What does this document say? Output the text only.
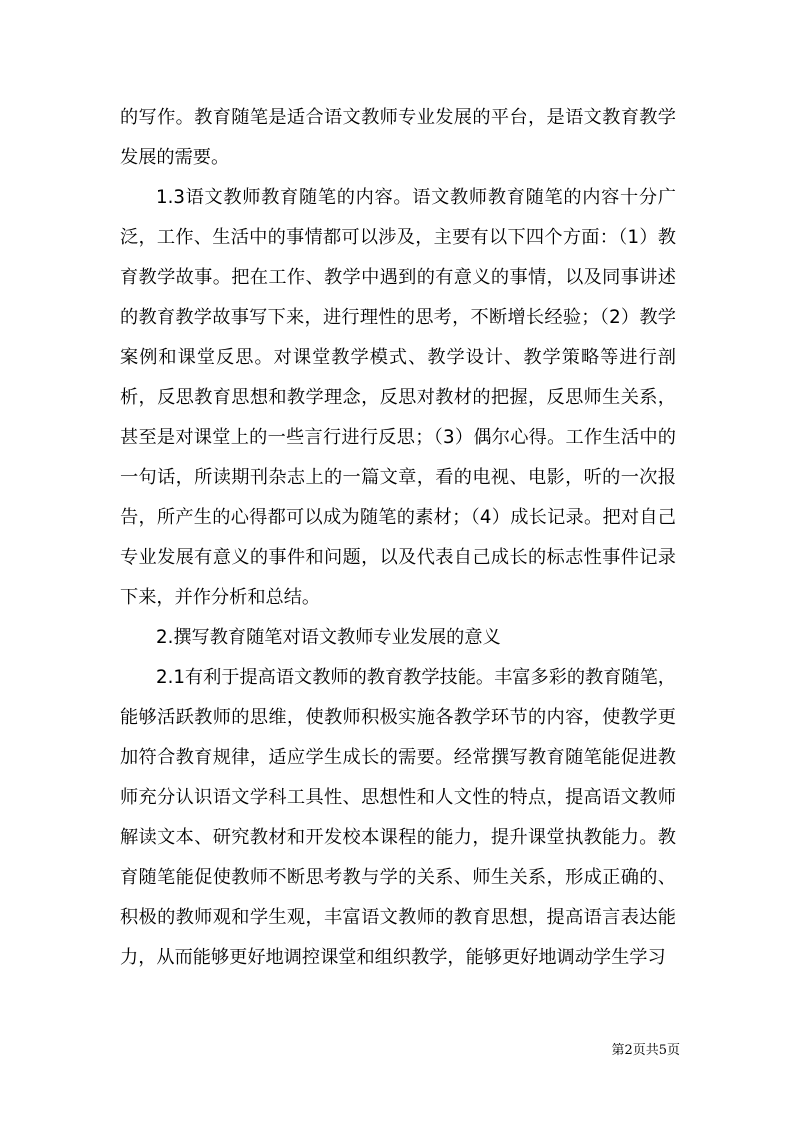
的写作。教育随笔是适合语文教师专业发展的平台，是语文教育教学发展的需要。

1.3语文教师教育随笔的内容。语文教师教育随笔的内容十分广泛，工作、生活中的事情都可以涉及，主要有以下四个方面：（1）教育教学故事。把在工作、教学中遇到的有意义的事情，以及同事讲述的教育教学故事写下来，进行理性的思考，不断增长经验；（2）教学案例和课堂反思。对课堂教学模式、教学设计、教学策略等进行剖析，反思教育思想和教学理念，反思对教材的把握，反思师生关系，甚至是对课堂上的一些言行进行反思；（3）偶尔心得。工作生活中的一句话，所读期刊杂志上的一篇文章，看的电视、电影，听的一次报告，所产生的心得都可以成为随笔的素材；（4）成长记录。把对自己专业发展有意义的事件和问题，以及代表自己成长的标志性事件记录下来，并作分析和总结。

2.撰写教育随笔对语文教师专业发展的意义

2.1有利于提高语文教师的教育教学技能。丰富多彩的教育随笔，能够活跃教师的思维，使教师积极实施各教学环节的内容，使教学更加符合教育规律，适应学生成长的需要。经常撰写教育随笔能促进教师充分认识语文学科工具性、思想性和人文性的特点，提高语文教师解读文本、研究教材和开发校本课程的能力，提升课堂执教能力。教育随笔能促使教师不断思考教与学的关系、师生关系，形成正确的、积极的教师观和学生观，丰富语文教师的教育思想，提高语言表达能力，从而能够更好地调控课堂和组织教学，能够更好地调动学生学习

第2页共5页
